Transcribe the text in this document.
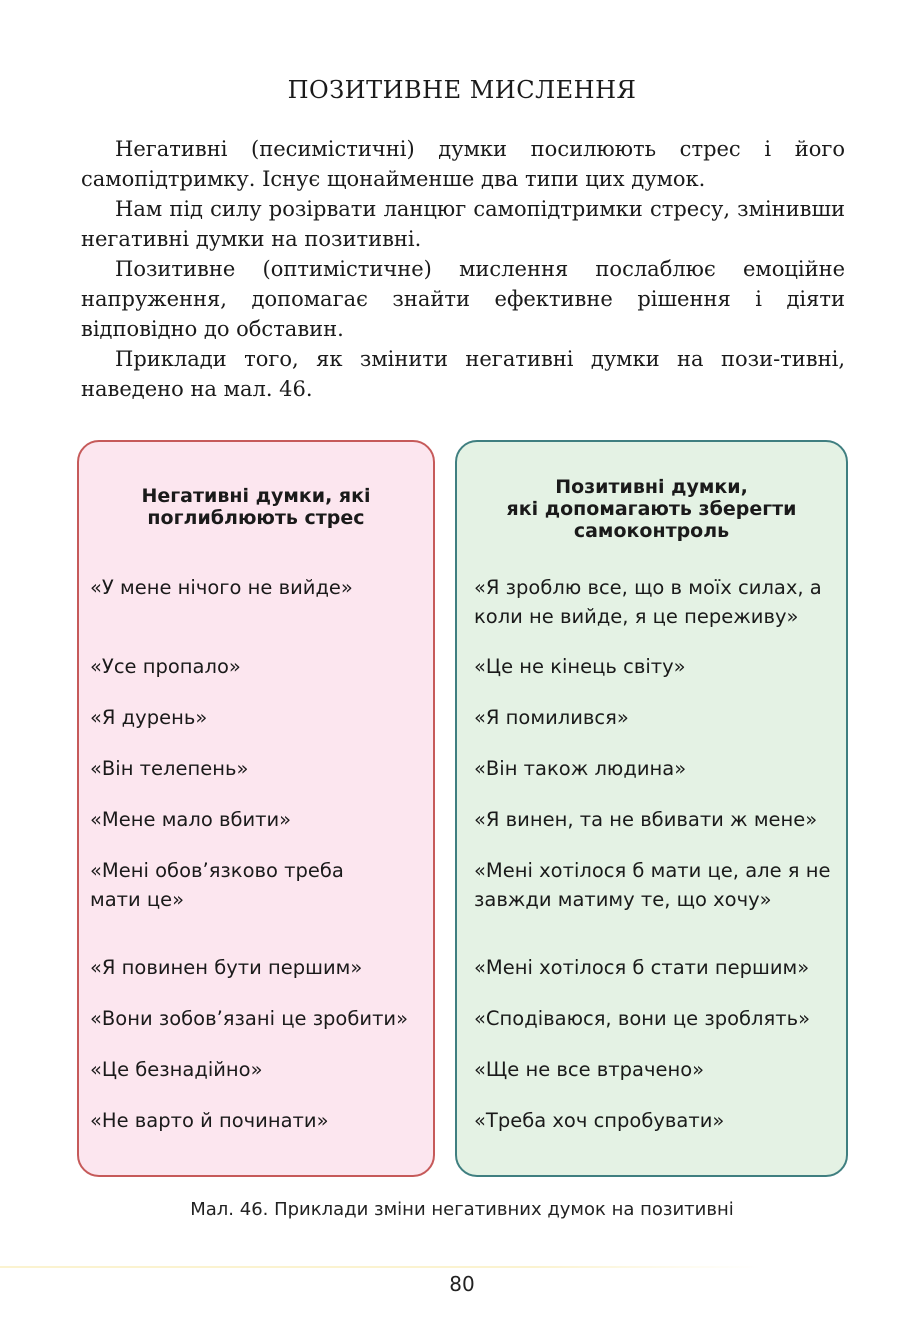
ПОЗИТИВНЕ МИСЛЕННЯ

Негативні (песимістичні) думки посилюють стрес і його самопідтримку. Існує щонайменше два типи цих думок.

Нам під силу розірвати ланцюг самопідтримки стресу, змінивши негативні думки на позитивні.

Позитивне (оптимістичне) мислення послаблює емоційне напруження, допомагає знайти ефективне рішення і діяти відповідно до обставин.

Приклади того, як змінити негативні думки на пози-тивні, наведено на мал. 46.

Негативні думки, які
поглиблюють стрес
«У мене нічого не вийде»
«Усе пропало»
«Я дурень»
«Він телепень»
«Мене мало вбити»
«Мені обов’язково треба
мати це»
«Я повинен бути першим»
«Вони зобов’язані це зробити»
«Це безнадійно»
«Не варто й починати»
Позитивні думки,
які допомагають зберегти
самоконтроль
«Я зроблю все, що в моїх силах, а
коли не вийде, я це переживу»
«Це не кінець світу»
«Я помилився»
«Він також людина»
«Я винен, та не вбивати ж мене»
«Мені хотілося б мати це, але я не
завжди матиму те, що хочу»
«Мені хотілося б стати першим»
«Сподіваюся, вони це зроблять»
«Ще не все втрачено»
«Треба хоч спробувати»
Мал. 46. Приклади зміни негативних думок на позитивні
80
